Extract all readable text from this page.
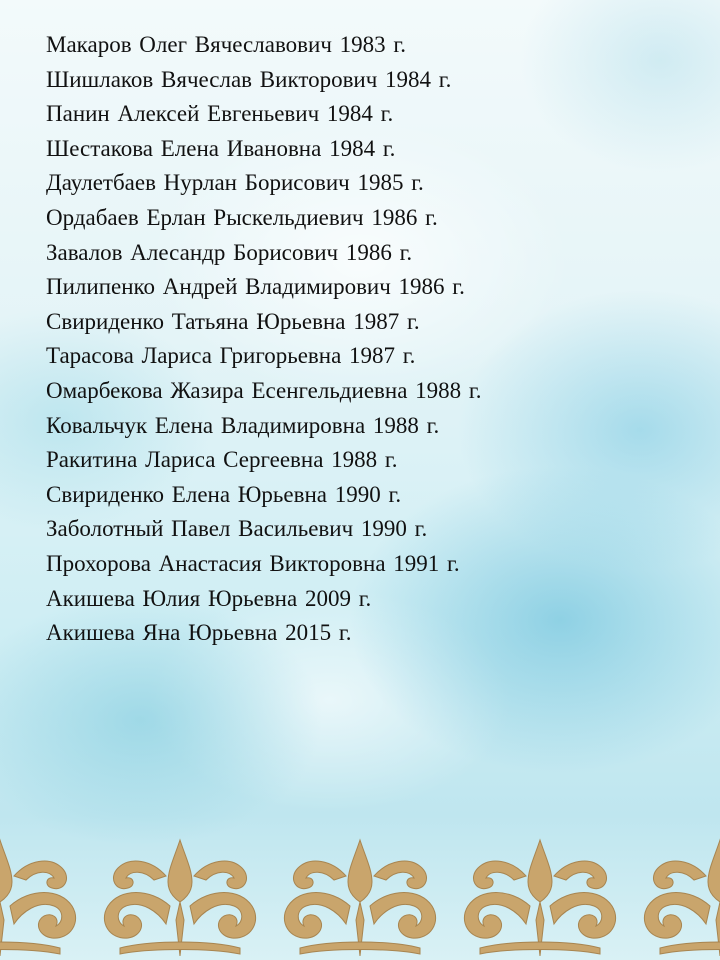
Макаров Олег Вячеславович 1983 г.
Шишлаков Вячеслав Викторович 1984 г.
Панин Алексей Евгеньевич 1984 г.
Шестакова Елена Ивановна 1984 г.
Даулетбаев Нурлан Борисович 1985 г.
Ордабаев Ерлан Рыскельдиевич 1986 г.
Завалов Алесандр Борисович 1986 г.
Пилипенко Андрей Владимирович 1986 г.
Свириденко Татьяна Юрьевна 1987 г.
Тарасова Лариса Григорьевна 1987 г.
Омарбекова Жазира Есенгельдиевна 1988 г.
Ковальчук Елена Владимировна 1988 г.
Ракитина Лариса Сергеевна 1988 г.
Свириденко Елена Юрьевна 1990 г.
Заболотный Павел Васильевич 1990 г.
Прохорова Анастасия Викторовна 1991 г.
Акишева Юлия Юрьевна 2009 г.
Акишева Яна Юрьевна 2015 г.
